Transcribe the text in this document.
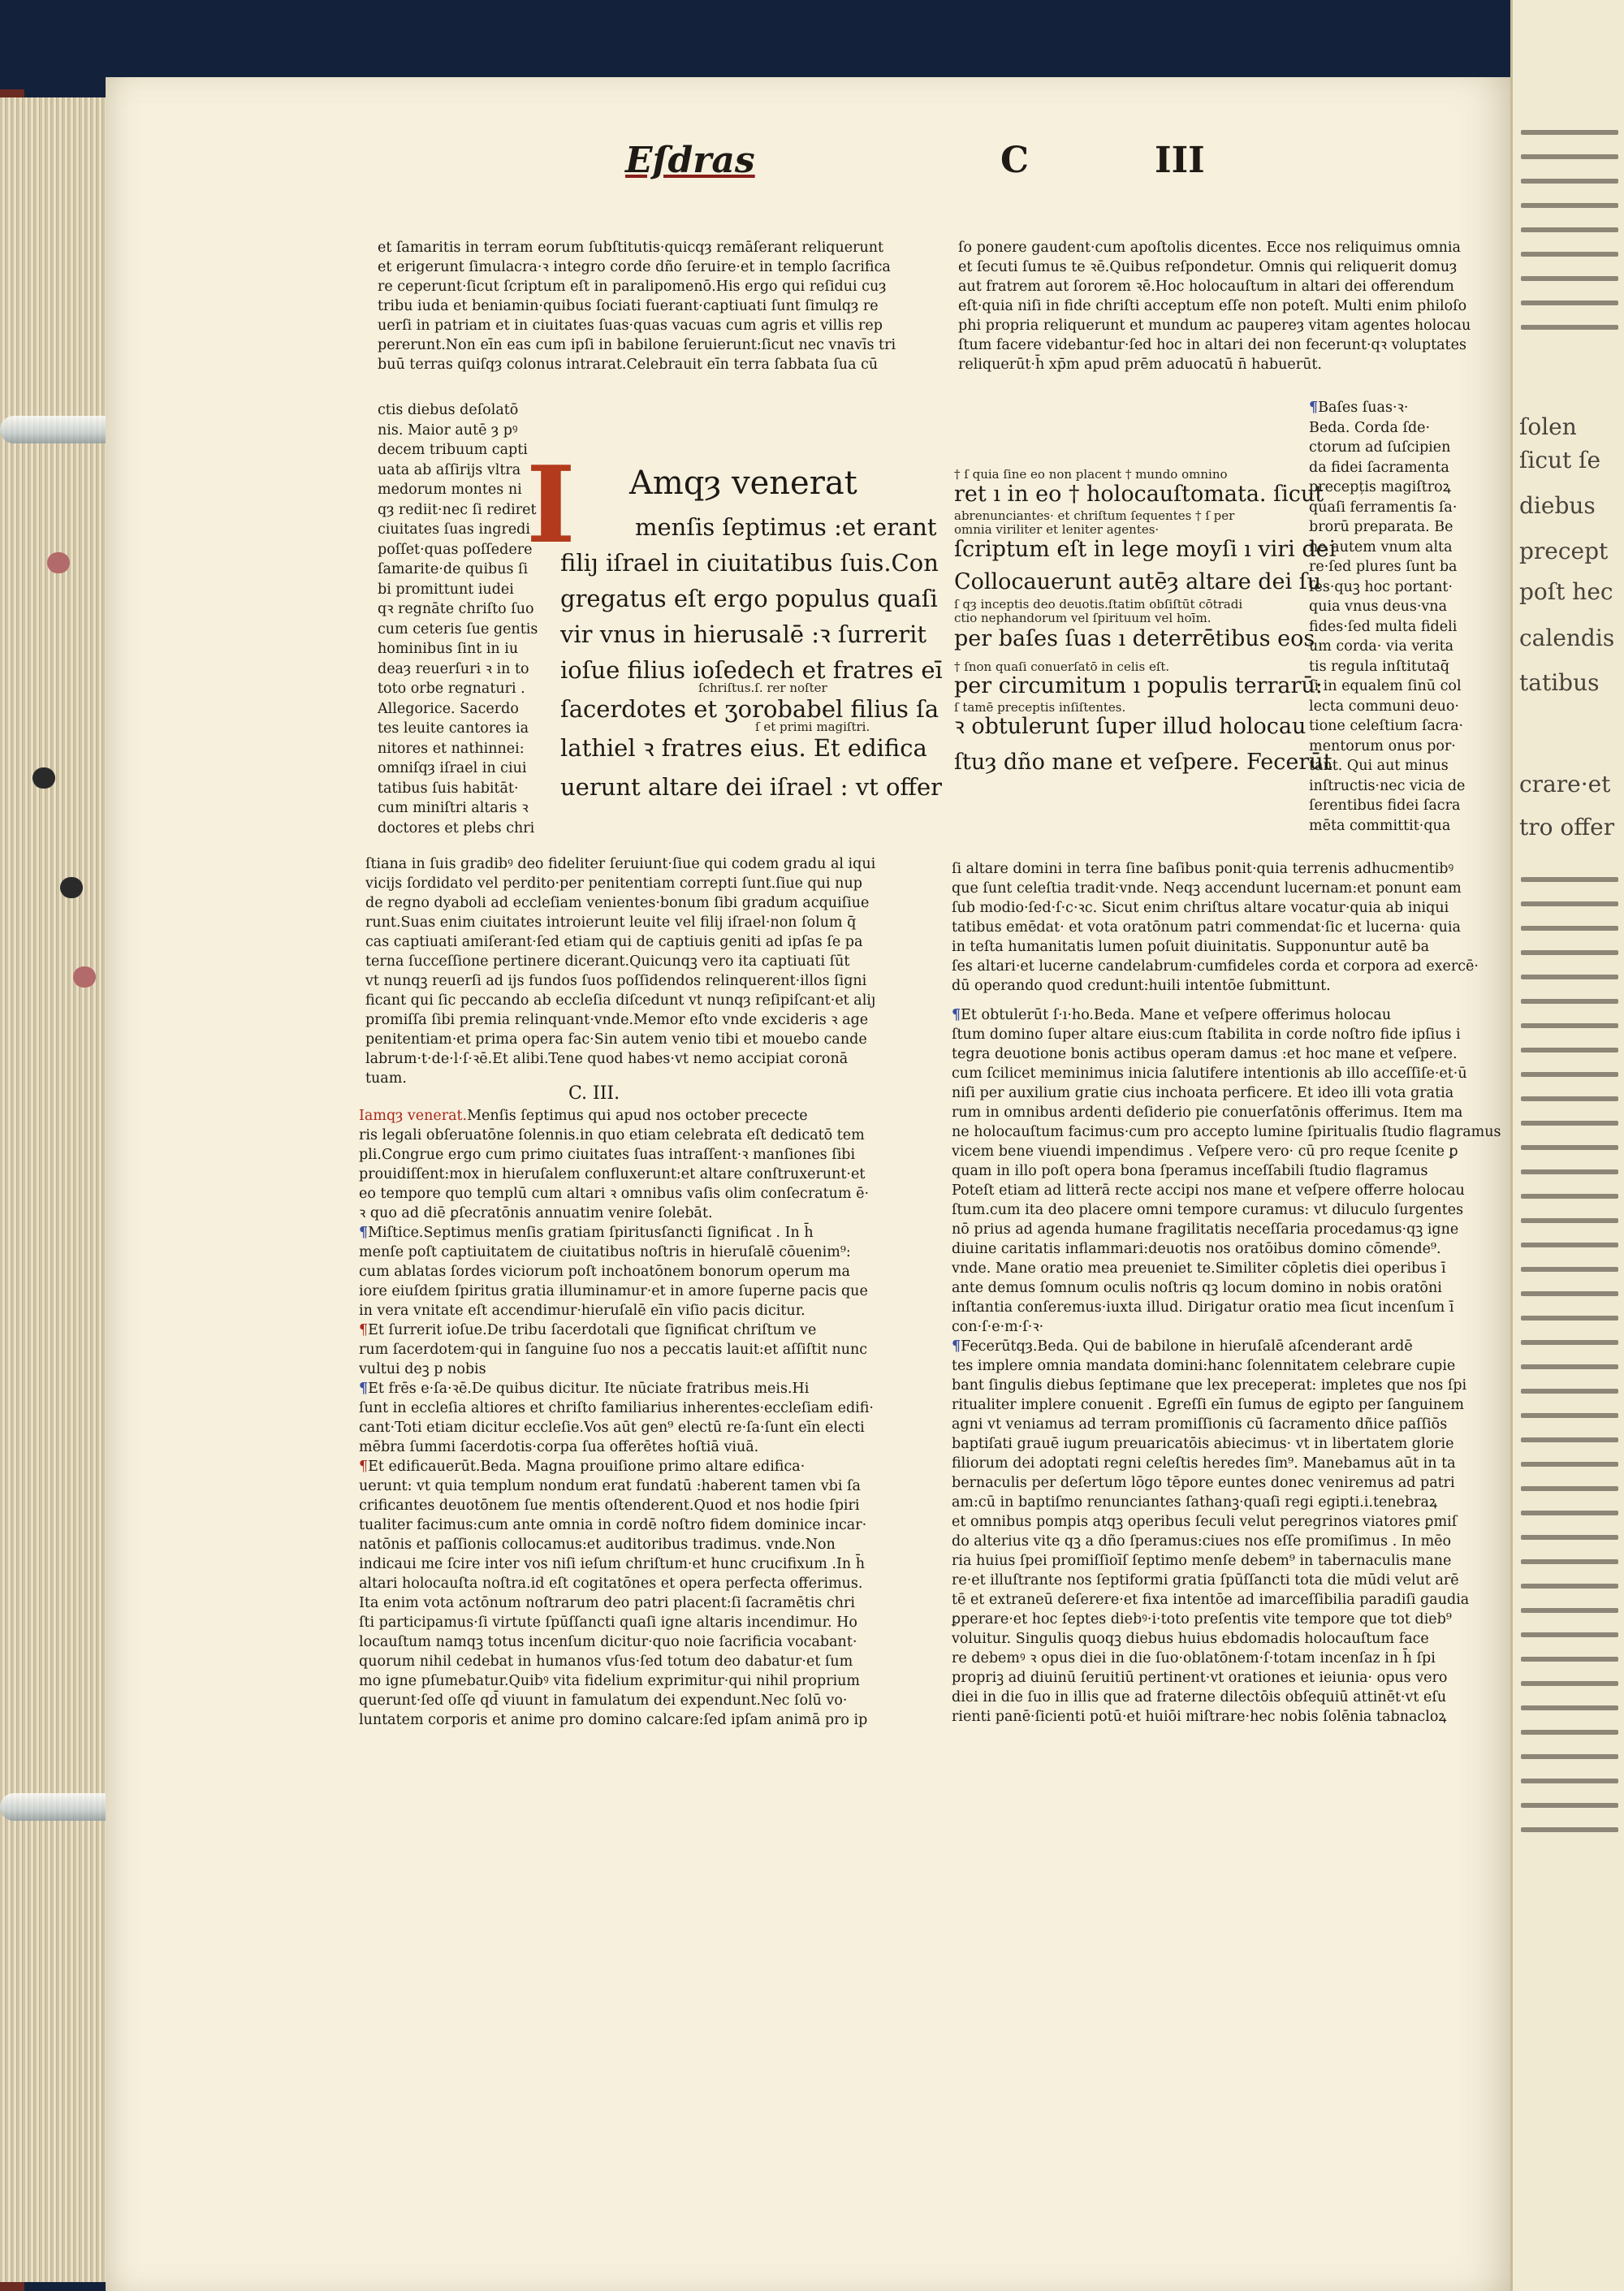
Eſdras	C	III

et ſamaritis in terram eorum ſubſtitutis·quicqȝ remāſerant reliquerunt

et erigerunt ſimulacra·ꝛ integro corde dño ſeruire·et in templo ſacrifica

re ceperunt·ſicut ſcriptum eſt in paralipomenō.His ergo qui reſidui cuȝ

tribu iuda et beniamin·quibus ſociati fuerant·captiuati ſunt ſimulqȝ re

uerſi in patriam et in ciuitates ſuas·quas vacuas cum agris et villis rep

pererunt.Non eīn eas cum ipſi in babilone ſeruierunt:ſicut nec vnavīs tri

buū terras quiſqȝ colonus intrarat.Celebrauit eīn terra ſabbata ſua cū

ctis diebus deſolatō

nis. Maior autē ȝ pꝰ

decem tribuum capti

uata ab aſſirijs vltra

medorum montes ni

qȝ rediit·nec ſi rediret

ciuitates ſuas ingredi

poſſet·quas poſſedere

ſamarite·de quibus ſi

bi promittunt iudei

qꝛ regnāte chriſto ſuo

cum ceteris ſue gentis

hominibus ſint in iu

deaȝ reuerſuri ꝛ in to

toto orbe regnaturi .

Allegorice. Sacerdo

tes leuite cantores ia

nitores et nathinnei:

omniſqȝ iſrael in ciui

tatibus ſuis habitāt·

cum miniſtri altaris ꝛ

doctores et plebs chri

I	Amqȝ venerat
menſis ſeptimus :et erant
filiȷ iſrael in ciuitatibus ſuis.Con
gregatus eſt ergo populus quaſi
vir vnus in hierusalē :ꝛ ſurrerit
ioſue filius ioſedech et fratres eī
ſchriſtus.ſ. rer noſter
ſacerdotes et ʒorobabel filius ſa
ſ et primi magiſtri.
lathiel ꝛ fratres eius. Et edifica
uerunt altare dei iſrael : vt offer

ſtiana in ſuis gradibꝰ deo fideliter ſeruiunt·ſiue qui codem gradu al iqui

vicijs ſordidato vel perdito·per penitentiam correpti ſunt.ſiue qui nup

de regno dyaboli ad eccleſiam venientes·bonum ſibi gradum acquiſiue

runt.Suas enim ciuitates introierunt leuite vel filij iſrael·non ſolum q̄

cas captiuati amiſerant·ſed etiam qui de captiuis geniti ad ipſas ſe pa

terna ſucceſſione pertinere dicerant.Quicunqꝫ vero ita captiuati ſūt

vt nunqꝫ reuerſi ad ijs fundos ſuos poſſidendos relinquerent·illos ſigni

ficant qui ſic peccando ab eccleſia diſcedunt vt nunqȝ reſipiſcant·et aliȷ

promiſſa ſibi premia relinquant·vnde.Memor eſto vnde excideris ꝛ age

penitentiam·et prima opera fac·Sin autem venio tibi et mouebo cande

labrum·t·de·l·ſ·ꝛē.Et alibi.Tene quod habes·vt nemo accipiat coronā

tuam.

C. III.

Iamqȝ venerat.Menſis ſeptimus qui apud nos october prececte

ris legali obſeruatōne ſolennis.in quo etiam celebrata eſt dedicatō tem

pli.Congrue ergo cum primo ciuitates ſuas intraſſent·ꝛ manſiones ſibi

prouidiſſent:mox in hieruſalem confluxerunt:et altare conſtruxerunt·et

eo tempore quo templū cum altari ꝛ omnibus vaſis olim conſecratum ē·

ꝛ quo ad diē ꝑſecratōnis annuatim venire ſolebāt.

¶Miſtice.Septimus menſis gratiam ſpiritusſancti ſignificat . In h̄

menſe poſt captiuitatem de ciuitatibus noſtris in hieruſalē cōuenim⁹:

cum ablatas ſordes viciorum poſt inchoatōnem bonorum operum ma

iore eiuſdem ſpiritus gratia illuminamur·et in amore ſuperne pacis que

in vera vnitate eſt accendimur·hieruſalē eīn viſio pacis dicitur.

¶Et ſurrerit ioſue.De tribu ſacerdotali que ſignificat chriſtum ve

rum ſacerdotem·qui in ſanguine ſuo nos a peccatis lauit:et aſſiſtit nunc

vultui deꝫ p nobis

¶Et frēs e·ſa·ꝛē.De quibus dicitur. Ite nūciate fratribus meis.Hi

ſunt in eccleſia altiores et chriſto familiarius inherentes·eccleſiam edifi·

cant·Toti etiam dicitur eccleſie.Vos aūt gen⁹ electū re·ſa·ſunt eīn electi

mēbra ſummi ſacerdotis·corpa ſua offerētes hoſtiā viuā.

¶Et edificauerūt.Beda. Magna prouiſione primo altare edifica·

uerunt: vt quia templum nondum erat fundatū :haberent tamen vbi ſa

crificantes deuotōnem ſue mentis oſtenderent.Quod et nos hodie ſpiri

tualiter facimus:cum ante omnia in cordē noſtro fidem dominice incar·

natōnis et paſſionis collocamus:et auditoribus tradimus. vnde.Non

indicaui me ſcire inter vos niſi ieſum chriſtum·et hunc crucifixum .In h̄

altari holocauſta noſtra.id eſt cogitatōnes et opera perfecta offerimus.

Ita enim vota actōnum noſtrarum deo patri placent:ſi ſacramētis chri

ſti participamus·ſi virtute ſpūſſancti quaſi igne altaris incendimur. Ho

locauſtum namqꝫ totus incenſum dicitur·quo noie ſacrificia vocabant·

quorum nihil cedebat in humanos vſus·ſed totum deo dabatur·et ſum

mo igne pſumebatur.Quibꝰ vita fidelium exprimitur·qui nihil proprium

querunt·ſed oſſe qd̄ viuunt in famulatum dei expendunt.Nec ſolū vo·

luntatem corporis et anime pro domino calcare:ſed ipſam animā pro ip

ſo ponere gaudent·cum apoſtolis dicentes. Ecce nos reliquimus omnia

et ſecuti ſumus te ꝛē.Quibus reſpondetur. Omnis qui reliquerit domuȝ

aut fratrem aut ſororem ꝛē.Hoc holocauſtum in altari dei offerendum

eſt·quia niſi in fide chriſti acceptum eſſe non poteſt. Multi enim philoſo

phi propria reliquerunt et mundum ac paupereȝ vitam agentes holocau

ſtum facere videbantur·ſed hoc in altari dei non fecerunt·qꝛ voluptates

reliquerūt·h̄ xp̄m apud prēm aduocatū n̄ habuerūt.

† ſ quia ſine eo non placent † mundo omnino
ret ı in eo † holocauſtomata. ſicut
abrenunciantes· et chriſtum ſequentes † ſ per
omnia viriliter et leniter agentes·
ſcriptum eſt in lege moyſi ı viri dei
Collocauerunt autēȝ altare dei ſu
ſ qȝ inceptis deo deuotis.ſtatim obſiſtūt cōtradi
ctio nephandorum vel ſpirituum vel hoīm.
per baſes ſuas ı deterrētibus eos
† ſnon quaſi conuerſatō in celis eſt.
per circumitum ı populis terrarū:
ſ tamē preceptis inſiſtentes.
ꝛ obtulerunt ſuper illud holocau
ſtuȝ dño mane et veſpere. Fecerūt

¶Baſes ſuas·ꝛ·

Beda. Corda ſde·

ctorum ad ſuſcipien

da fidei ſacramenta

precepțis magiſtroꝝ

quaſi ferramentis ſa·

brorū preparata. Be

ne autem vnum alta

re·ſed plures ſunt ba

ſes·quꝫ hoc portant·

quia vnus deus·vna

fides·ſed multa fideli

um corda· via verita

tis regula inſtitutaq̄

ſi in equalem ſinū col

lecta communi deuo·

tione celeſtium ſacra·

mentorum onus por·

tant. Qui aut minus

inſtructis·nec vicia de

ſerentibus fidei ſacra

mēta committit·qua

ſi altare domini in terra ſine baſibus ponit·quia terrenis adhucmentibꝰ

que ſunt celeſtia tradit·vnde. Neqꝫ accendunt lucernam:et ponunt eam

ſub modio·ſed·ſ·c·ꝛc. Sicut enim chriſtus altare vocatur·quia ab iniqui

tatibus emēdat· et vota oratōnum patri commendat·ſic et lucerna· quia

in teſta humanitatis lumen poſuit diuinitatis. Supponuntur autē ba

ſes altari·et lucerne candelabrum·cumfideles corda et corpora ad exercē·

dū operando quod credunt:huili intentōe ſubmittunt.

¶Et obtulerūt ſ·ı·ho.Beda. Mane et veſpere offerimus holocau

ſtum domino ſuper altare eius:cum ſtabilita in corde noſtro fide ipſius i

tegra deuotione bonis actibus operam damus :et hoc mane et veſpere.

cum ſcilicet meminimus inicia ſalutifere intentionis ab illo acceſſiſe·et·ū

niſi per auxilium gratie cius inchoata perficere. Et ideo illi vota gratia

rum in omnibus ardenti deſiderio pie conuerſatōnis offerimus. Item ma

ne holocauſtum facimus·cum pro accepto lumine ſpiritualis ſtudio flagramus

vicem bene viuendi impendimus . Veſpere vero· cū pro reque ſcenite ꝑ

quam in illo poſt opera bona ſperamus inceſſabili ſtudio flagramus

Poteſt etiam ad litterā recte accipi nos mane et veſpere offerre holocau

ſtum.cum ita deo placere omni tempore curamus: vt diluculo ſurgentes

nō prius ad agenda humane fragilitatis neceſſaria procedamus·qꝫ igne

diuine caritatis inflammari:deuotis nos oratōibus domino cōmende⁹.

vnde. Mane oratio mea preueniet te.Similiter cōpletis diei operibus ī

ante demus ſomnum oculis noſtris qꝫ locum domino in nobis oratōni

inſtantia conſeremus·iuxta illud. Dirigatur oratio mea ſicut incenſum ī

con·ſ·e·m·ſ·ꝛ·

¶Fecerūtqȝ.Beda. Qui de babilone in hieruſalē aſcenderant ardē

tes implere omnia mandata domini:hanc ſolennitatem celebrare cupie

bant ſingulis diebus ſeptimane que lex preceperat: impletes que nos ſpi

ritualiter implere conuenit . Egreſſi eīn ſumus de egipto per ſanguinem

agni vt veniamus ad terram promiſſionis cū ſacramento dñice paſſiōs

baptiſati grauē iugum preuaricatōis abiecimus· vt in libertatem glorie

filiorum dei adoptati regni celeſtis heredes ſim⁹. Manebamus aūt in ta

bernaculis per deſertum lōgo tēpore euntes donec veniremus ad patri

am:cū in baptiſmo renunciantes ſathanꝫ·quaſi regi egipti.i.tenebraꝝ

et omnibus pompis atqꝫ operibus ſeculi velut peregrinos viatores ꝑmiſ

do alterius vite qꝫ a dño ſperamus:ciues nos eſſe promiſimus . In mēo

ria huius ſpei promiſſioīſ ſeptimo menſe debem⁹ in tabernaculis mane

re·et illuſtrante nos ſeptiformi gratia ſpūſſancti tota die mūdi velut arē

tē et extraneū deſerere·et fixa intentōe ad imarceſſibilia paradiſi gaudia

ꝑperare·et hoc ſeptes diebꝰ·i·toto preſentis vite tempore que tot dieb⁹

voluitur. Singulis quoqꝫ diebus huius ebdomadis holocauſtum face

re debemꝰ ꝛ opus diei in die ſuo·oblatōnem·ſ·totam incenſaz in h̄ ſpi

propriꝫ ad diuinū ſeruitiū pertinent·vt orationes et ieiunia· opus vero

diei in die ſuo in illis que ad fraterne dilectōis obſequiū attinēt·vt eſu

rienti panē·ſicienti potū·et huiōi miſtrare·hec nobis ſolēnia tabnacloꝝ

ſolen
ſicut ſe
diebus
precept
poſt hec
calendis
tatibus
crare·et
tro offer
